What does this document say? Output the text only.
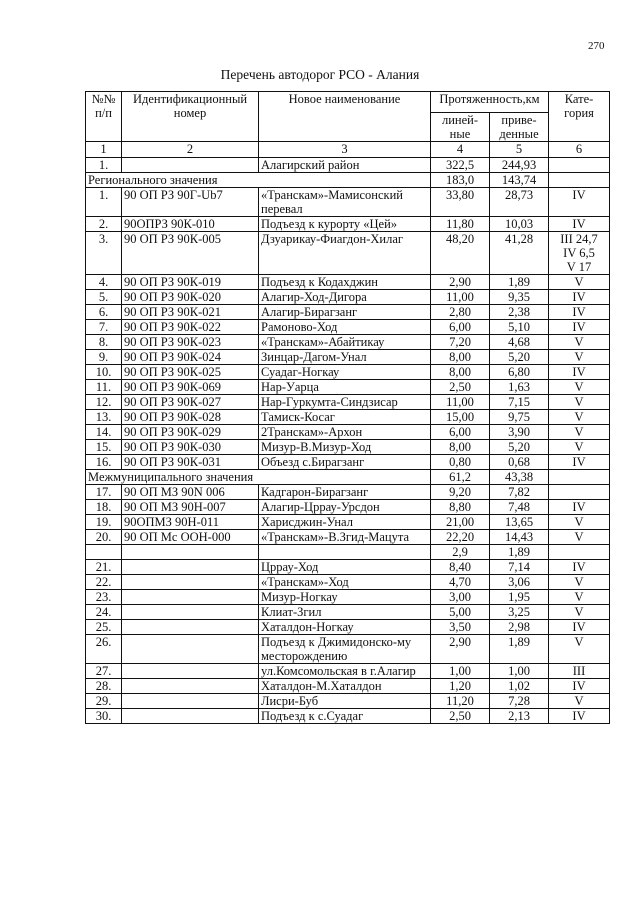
270
Перечень автодорог РСО - Алания
№№ п/п	Идентификационный номер	Новое наименование	Протяженность,км		Кате- гория
			линей- ные	приве- денные	
1	2	3	4	5	6
1.		Алагирский район	322,5	244,93	
Регионального значения			183,0	143,74	
1.	90 ОП РЗ 90Г-Ub7	«Транскам»-Мамисонский перевал	33,80	28,73	IV
2.	90ОПРЗ 90К-010	Подъезд к курорту «Цей»	11,80	10,03	IV
3.	90 ОП РЗ 90К-005	Дзуарикау-Фиагдон-Хилаг	48,20	41,28	III 24,7
IV 6,5
V 17
4.	90 ОП РЗ 90К-019	Подъезд к Кодахджин	2,90	1,89	V
5.	90 ОП РЗ 90К-020	Алагир-Ход-Дигора	11,00	9,35	IV
6.	90 ОП РЗ 90К-021	Алагир-Бирагзанг	2,80	2,38	IV
7.	90 ОП РЗ 90К-022	Рамоново-Ход	6,00	5,10	IV
8.	90 ОП РЗ 90К-023	«Транскам»-Абайтикау	7,20	4,68	V
9.	90 ОП РЗ 90К-024	Зинцар-Дагом-Унал	8,00	5,20	V
10.	90 ОП РЗ 90К-025	Суадаг-Ногкау	8,00	6,80	IV
11.	90 ОП РЗ 90К-069	Нар-Уарца	2,50	1,63	V
12.	90 ОП РЗ 90К-027	Нар-Гуркумта-Синдзисар	11,00	7,15	V
13.	90 ОП РЗ 90К-028	Тамиск-Косаг	15,00	9,75	V
14.	90 ОП РЗ 90К-029	2Транскам»-Архон	6,00	3,90	V
15.	90 ОП РЗ 90К-030	Мизур-В.Мизур-Ход	8,00	5,20	V
16.	90 ОП РЗ 90К-031	Объезд с.Бирагзанг	0,80	0,68	IV
Межмуниципального значения			61,2	43,38	
17.	90 ОП МЗ 90N 006	Кадгарон-Бирагзанг	9,20	7,82	
18.	90 ОП МЗ 90Н-007	Алагир-Цррау-Урсдон	8,80	7,48	IV
19.	90ОПМЗ 90Н-011	Харисджин-Унал	21,00	13,65	V
20.	90 ОП Мс ООН-000	«Транскам»-В.Згид-Мацута	22,20	14,43	V
			2,9	1,89	
21.		Цррау-Ход	8,40	7,14	IV
22.		«Транскам»-Ход	4,70	3,06	V
23.		Мизур-Ногкау	3,00	1,95	V
24.		Клиат-Згил	5,00	3,25	V
25.		Хаталдон-Ногкау	3,50	2,98	IV
26.		Подъезд к Джимидонско-му месторождению	2,90	1,89	V
27.		ул.Комсомольская в г.Алагир	1,00	1,00	III
28.		Хаталдон-М.Хаталдон	1,20	1,02	IV
29.		Лисри-Буб	11,20	7,28	V
30.		Подъезд к с.Суадаг	2,50	2,13	IV
